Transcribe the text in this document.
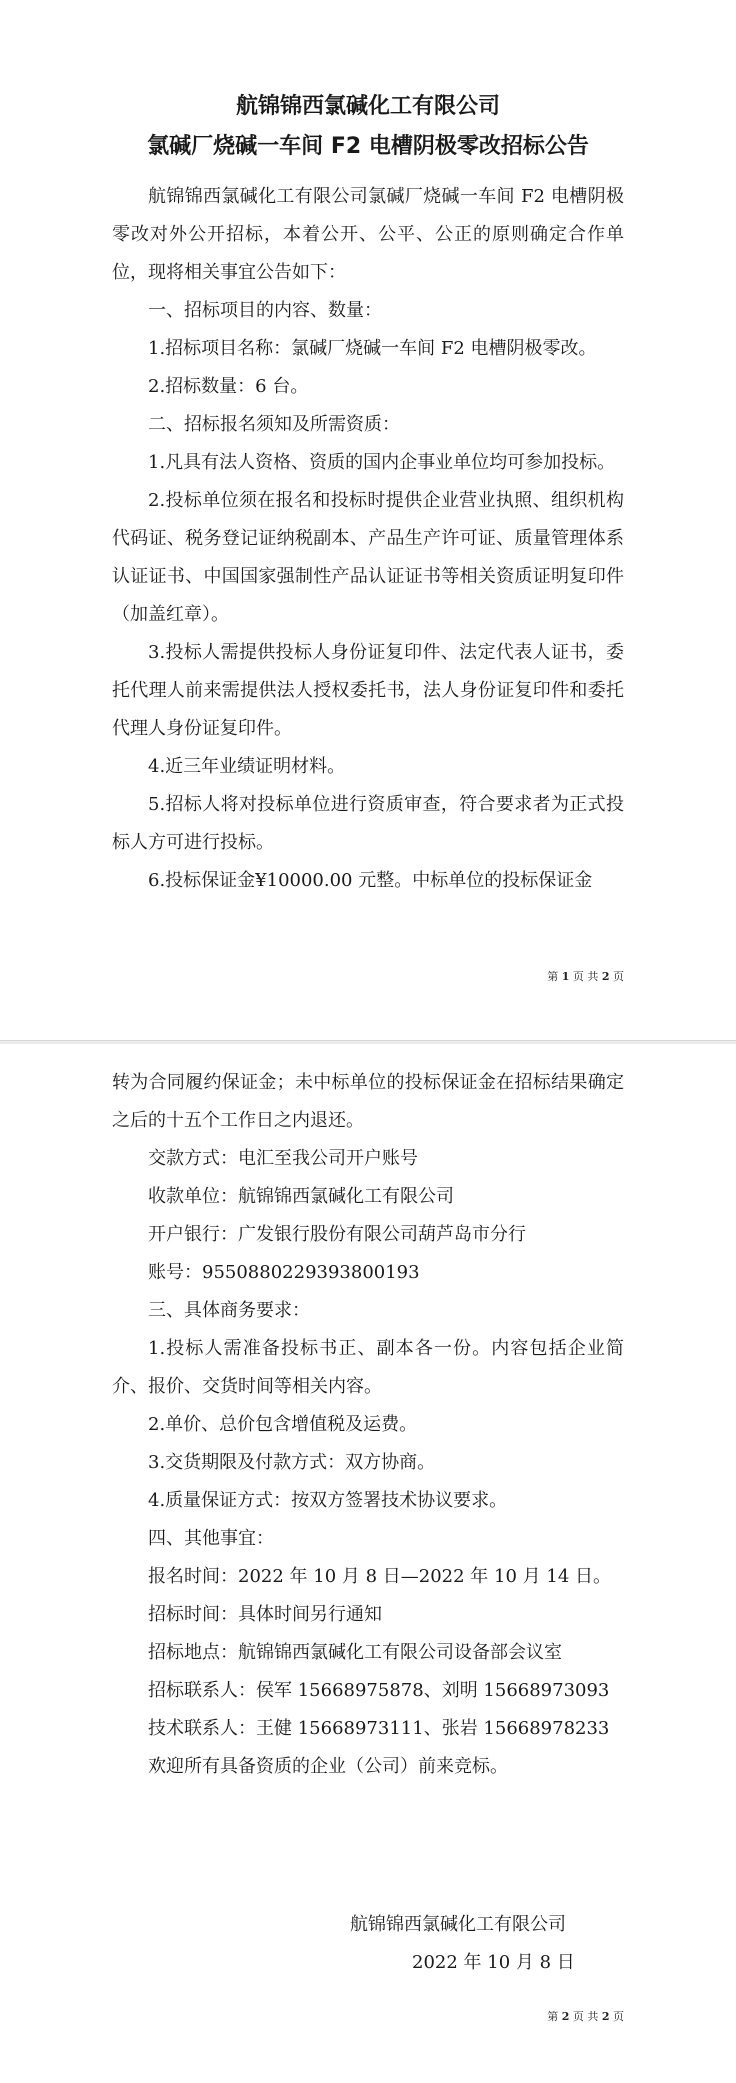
航锦锦西氯碱化工有限公司
氯碱厂烧碱一车间 F2 电槽阴极零改招标公告

航锦锦西氯碱化工有限公司氯碱厂烧碱一车间 F2 电槽阴极零改对外公开招标，本着公开、公平、公正的原则确定合作单位，现将相关事宜公告如下：

一、招标项目的内容、数量：

1.招标项目名称：氯碱厂烧碱一车间 F2 电槽阴极零改。

2.招标数量：6 台。

二、招标报名须知及所需资质：

1.凡具有法人资格、资质的国内企事业单位均可参加投标。

2.投标单位须在报名和投标时提供企业营业执照、组织机构代码证、税务登记证纳税副本、产品生产许可证、质量管理体系认证证书、中国国家强制性产品认证证书等相关资质证明复印件（加盖红章）。

3.投标人需提供投标人身份证复印件、法定代表人证书，委托代理人前来需提供法人授权委托书，法人身份证复印件和委托代理人身份证复印件。

4.近三年业绩证明材料。

5.招标人将对投标单位进行资质审查，符合要求者为正式投标人方可进行投标。

6.投标保证金¥10000.00 元整。中标单位的投标保证金

第 1 页 共 2 页

转为合同履约保证金；未中标单位的投标保证金在招标结果确定之后的十五个工作日之内退还。

交款方式：电汇至我公司开户账号

收款单位：航锦锦西氯碱化工有限公司

开户银行：广发银行股份有限公司葫芦岛市分行

账号：9550880229393800193

三、具体商务要求：

1.投标人需准备投标书正、副本各一份。内容包括企业简介、报价、交货时间等相关内容。

2.单价、总价包含增值税及运费。

3.交货期限及付款方式：双方协商。

4.质量保证方式：按双方签署技术协议要求。

四、其他事宜：

报名时间：2022 年 10 月 8 日—2022 年 10 月 14 日。

招标时间：具体时间另行通知

招标地点：航锦锦西氯碱化工有限公司设备部会议室

招标联系人：侯军 15668975878、刘明 15668973093

技术联系人：王健 15668973111、张岩 15668978233

欢迎所有具备资质的企业（公司）前来竞标。

航锦锦西氯碱化工有限公司
2022 年 10 月 8 日
第 2 页 共 2 页
